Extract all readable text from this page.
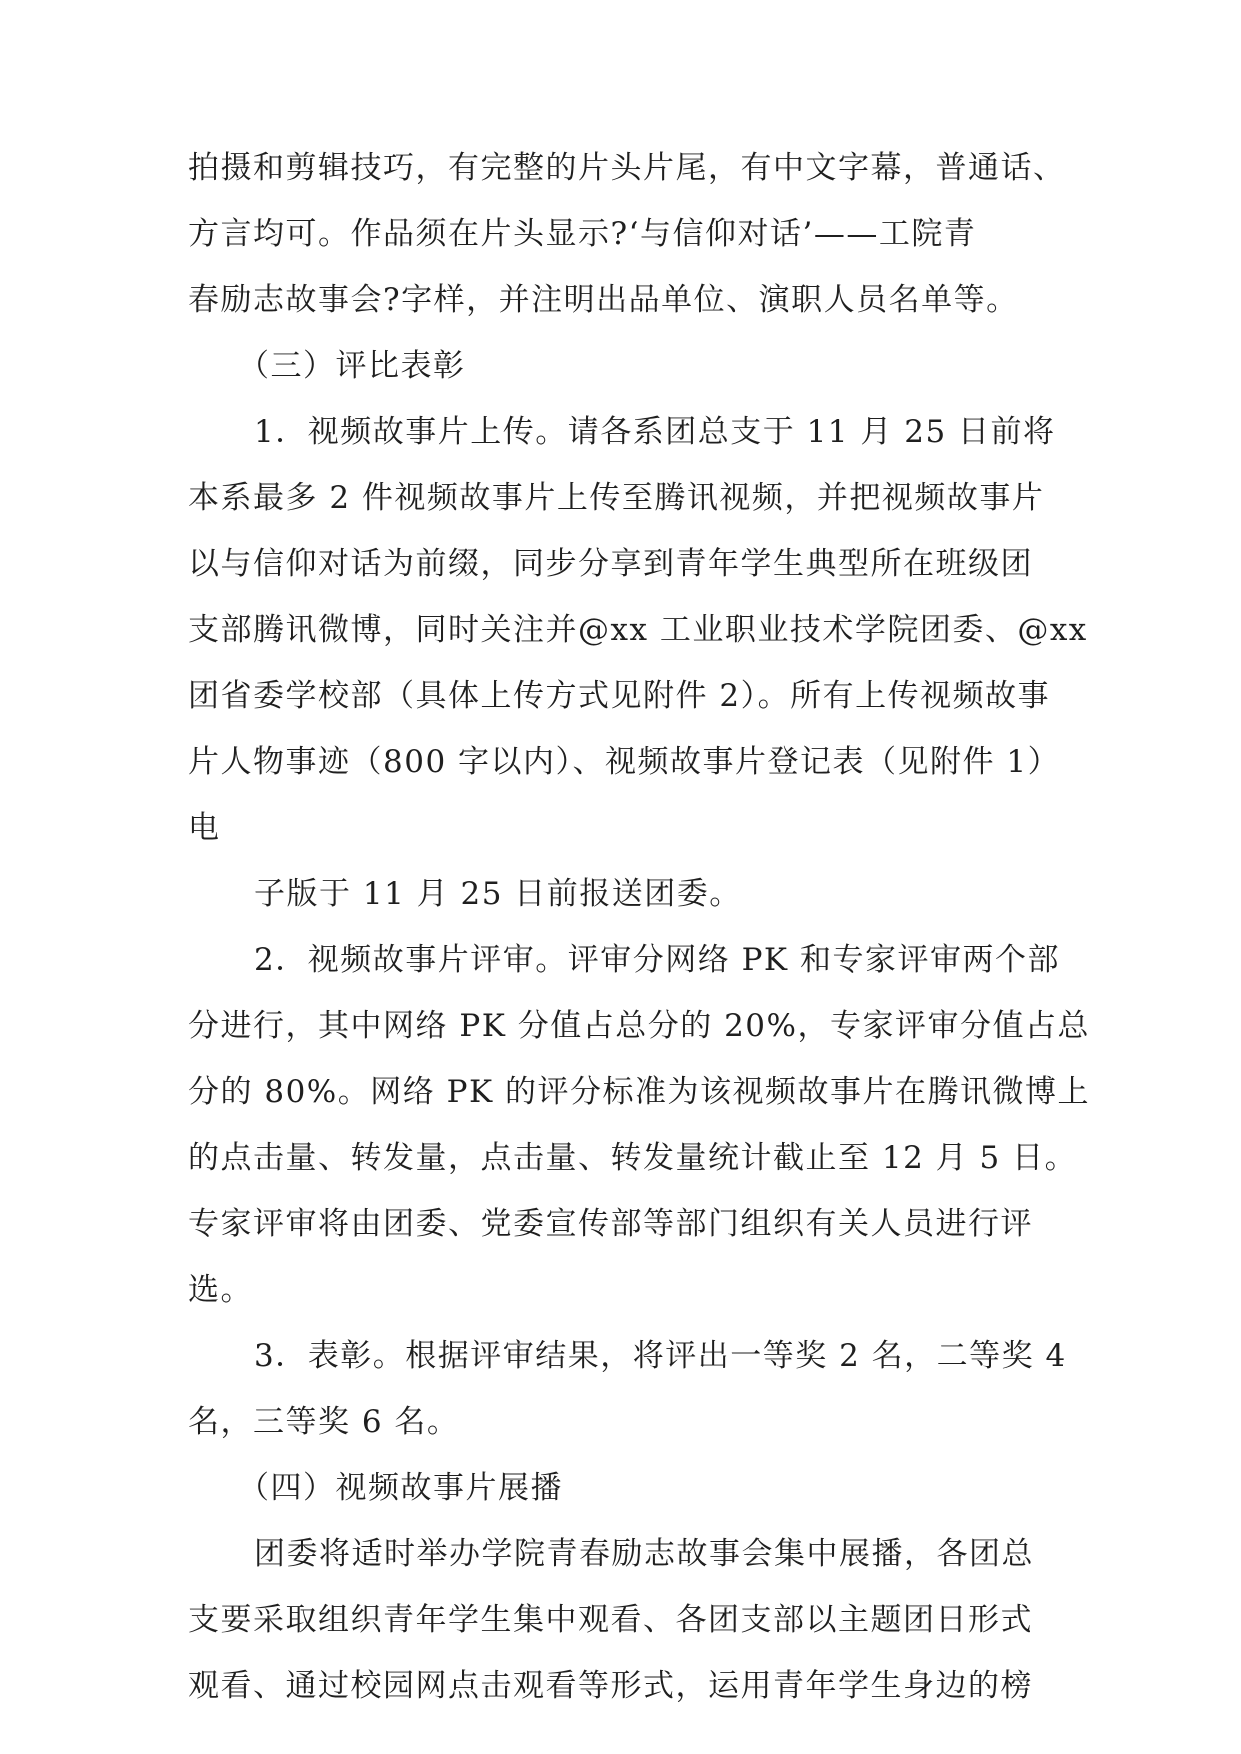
拍摄和剪辑技巧，有完整的片头片尾，有中文字幕，普通话、
方言均可。作品须在片头显示?‘与信仰对话’——工院青
春励志故事会?字样，并注明出品单位、演职人员名单等。
（三）评比表彰
1．视频故事片上传。请各系团总支于 11 月 25 日前将
本系最多 2 件视频故事片上传至腾讯视频，并把视频故事片
以与信仰对话为前缀，同步分享到青年学生典型所在班级团
支部腾讯微博，同时关注并@xx 工业职业技术学院团委、@xx
团省委学校部（具体上传方式见附件 2）。所有上传视频故事
片人物事迹（800 字以内）、视频故事片登记表（见附件 1）
电
子版于 11 月 25 日前报送团委。
2．视频故事片评审。评审分网络 PK 和专家评审两个部
分进行，其中网络 PK 分值占总分的 20%，专家评审分值占总
分的 80%。网络 PK 的评分标准为该视频故事片在腾讯微博上
的点击量、转发量，点击量、转发量统计截止至 12 月 5 日。
专家评审将由团委、党委宣传部等部门组织有关人员进行评
选。
3．表彰。根据评审结果，将评出一等奖 2 名，二等奖 4
名，三等奖 6 名。
（四）视频故事片展播
团委将适时举办学院青春励志故事会集中展播，各团总
支要采取组织青年学生集中观看、各团支部以主题团日形式
观看、通过校园网点击观看等形式，运用青年学生身边的榜
